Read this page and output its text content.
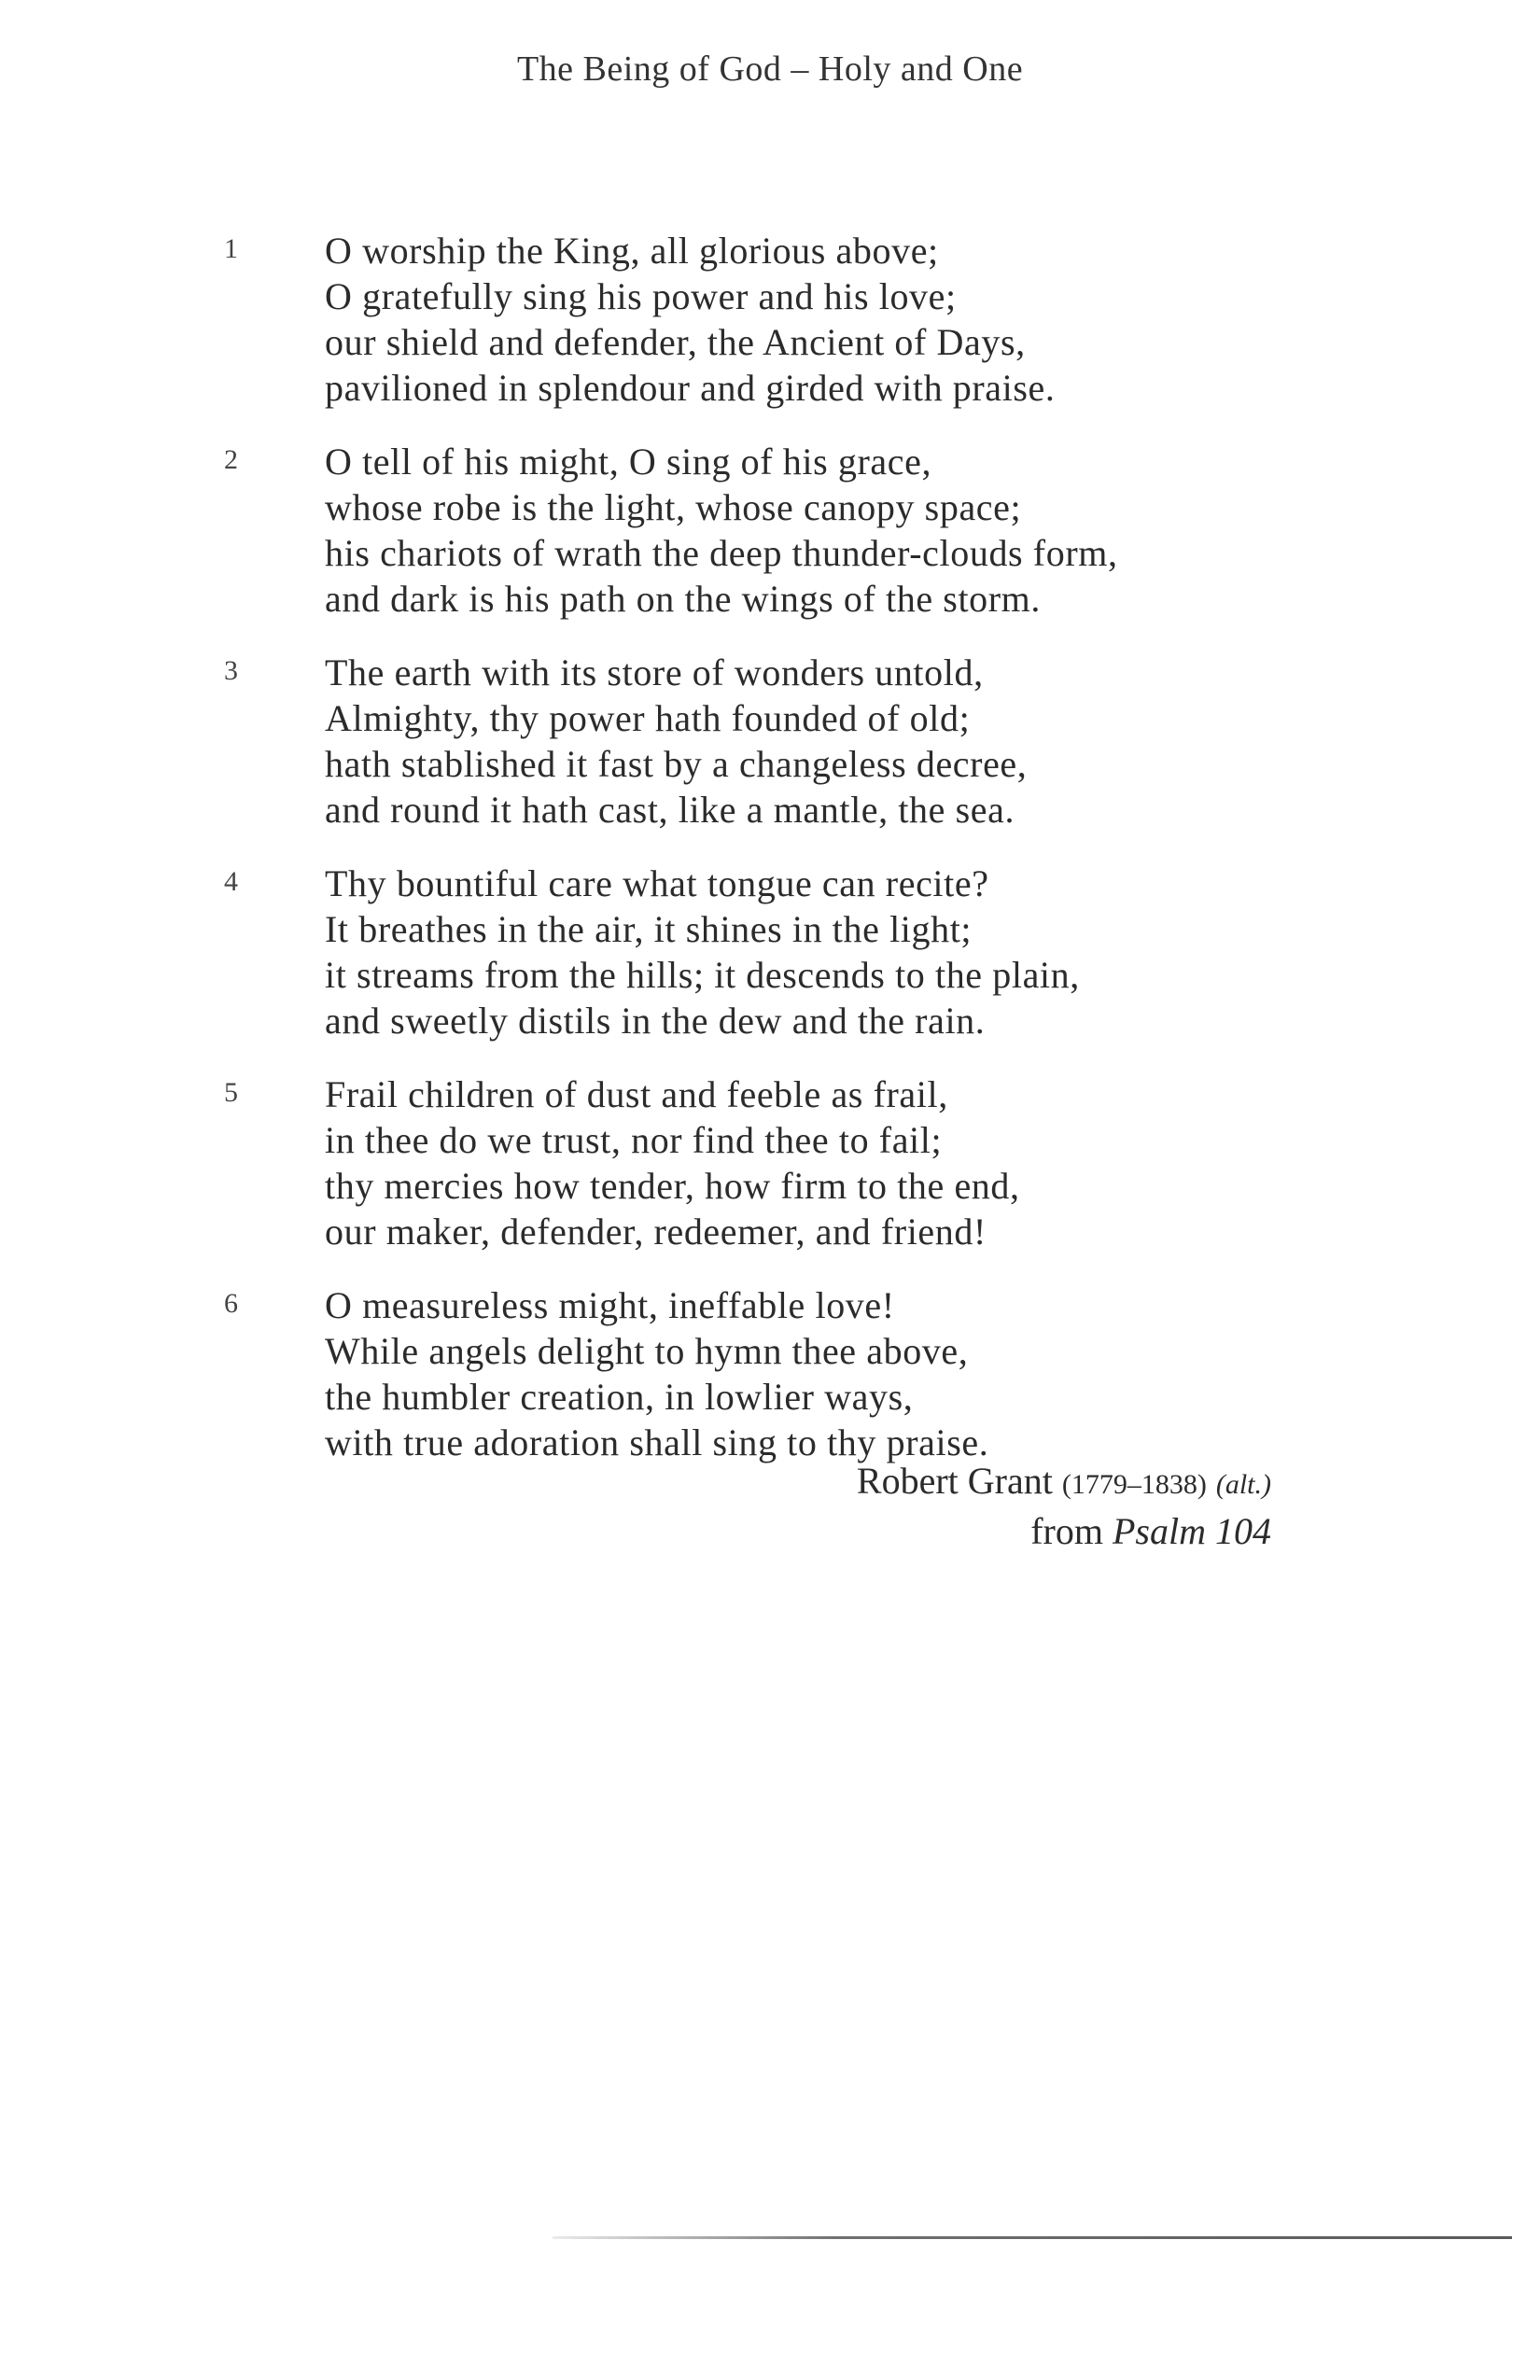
The Being of God – Holy and One
1 O worship the King, all glorious above;
O gratefully sing his power and his love;
our shield and defender, the Ancient of Days,
pavilioned in splendour and girded with praise.
2 O tell of his might, O sing of his grace,
whose robe is the light, whose canopy space;
his chariots of wrath the deep thunder-clouds form,
and dark is his path on the wings of the storm.
3 The earth with its store of wonders untold,
Almighty, thy power hath founded of old;
hath stablished it fast by a changeless decree,
and round it hath cast, like a mantle, the sea.
4 Thy bountiful care what tongue can recite?
It breathes in the air, it shines in the light;
it streams from the hills; it descends to the plain,
and sweetly distils in the dew and the rain.
5 Frail children of dust and feeble as frail,
in thee do we trust, nor find thee to fail;
thy mercies how tender, how firm to the end,
our maker, defender, redeemer, and friend!
6 O measureless might, ineffable love!
While angels delight to hymn thee above,
the humbler creation, in lowlier ways,
with true adoration shall sing to thy praise.
Robert Grant (1779–1838) (alt.)
from Psalm 104
